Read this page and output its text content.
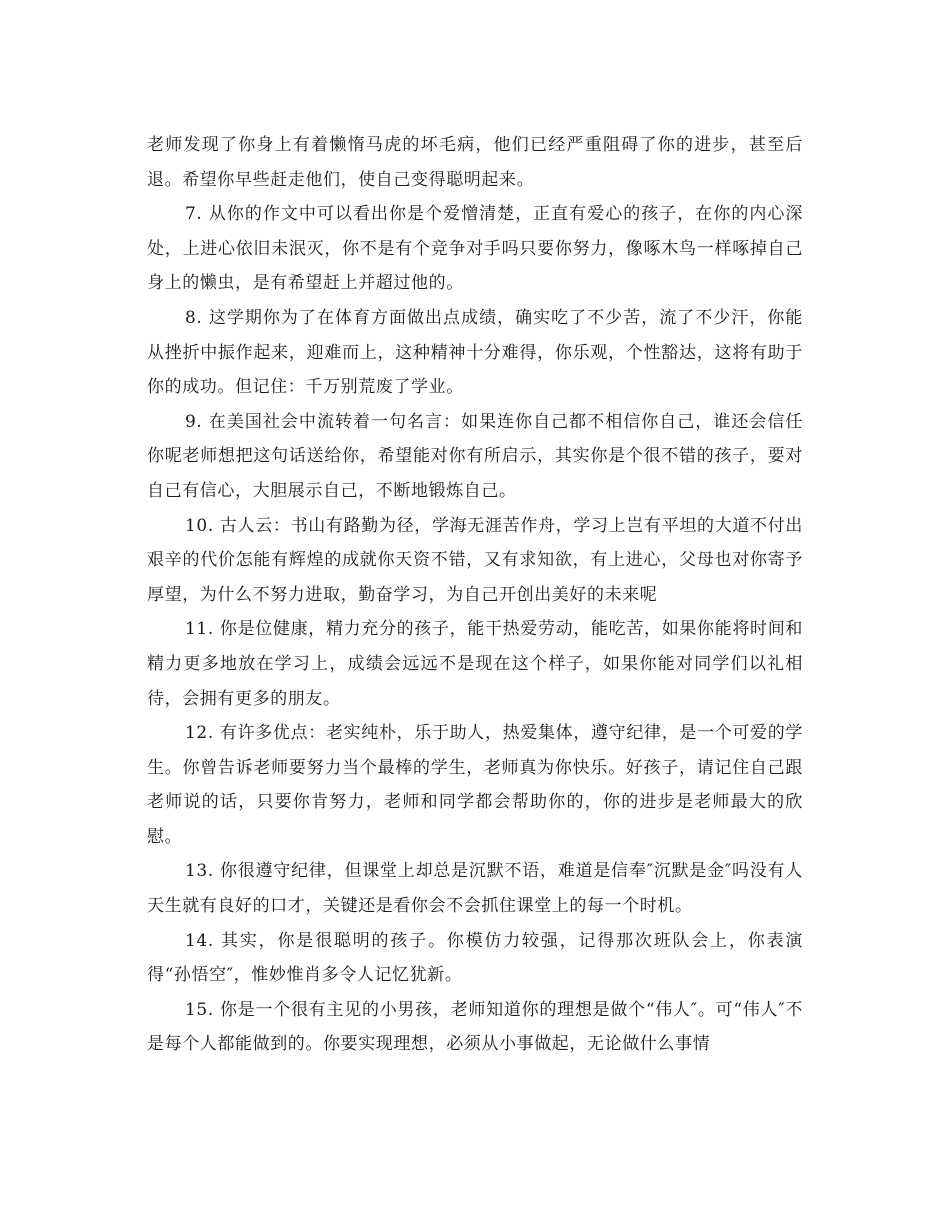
老师发现了你身上有着懒惰马虎的坏毛病，他们已经严重阻碍了你的进步，甚至后退。希望你早些赶走他们，使自己变得聪明起来。

7. 从你的作文中可以看出你是个爱憎清楚，正直有爱心的孩子，在你的内心深处，上进心依旧未泯灭，你不是有个竞争对手吗只要你努力，像啄木鸟一样啄掉自己身上的懒虫，是有希望赶上并超过他的。

8. 这学期你为了在体育方面做出点成绩，确实吃了不少苦，流了不少汗，你能从挫折中振作起来，迎难而上，这种精神十分难得，你乐观，个性豁达，这将有助于你的成功。但记住：千万别荒废了学业。

9. 在美国社会中流转着一句名言：如果连你自己都不相信你自己，谁还会信任你呢老师想把这句话送给你，希望能对你有所启示，其实你是个很不错的孩子，要对自己有信心，大胆展示自己，不断地锻炼自己。

10. 古人云：书山有路勤为径，学海无涯苦作舟，学习上岂有平坦的大道不付出艰辛的代价怎能有辉煌的成就你天资不错，又有求知欲，有上进心，父母也对你寄予厚望，为什么不努力进取，勤奋学习，为自己开创出美好的未来呢

11. 你是位健康，精力充分的孩子，能干热爱劳动，能吃苦，如果你能将时间和精力更多地放在学习上，成绩会远远不是现在这个样子，如果你能对同学们以礼相待，会拥有更多的朋友。

12. 有许多优点：老实纯朴，乐于助人，热爱集体，遵守纪律，是一个可爱的学生。你曾告诉老师要努力当个最棒的学生，老师真为你快乐。好孩子，请记住自己跟老师说的话，只要你肯努力，老师和同学都会帮助你的，你的进步是老师最大的欣慰。

13. 你很遵守纪律，但课堂上却总是沉默不语，难道是信奉″沉默是金″吗没有人天生就有良好的口才，关键还是看你会不会抓住课堂上的每一个时机。

14. 其实，你是很聪明的孩子。你模仿力较强，记得那次班队会上，你表演得“孙悟空″，惟妙惟肖多令人记忆犹新。

15. 你是一个很有主见的小男孩，老师知道你的理想是做个“伟人″。可“伟人″不是每个人都能做到的。你要实现理想，必须从小事做起，无论做什么事情
